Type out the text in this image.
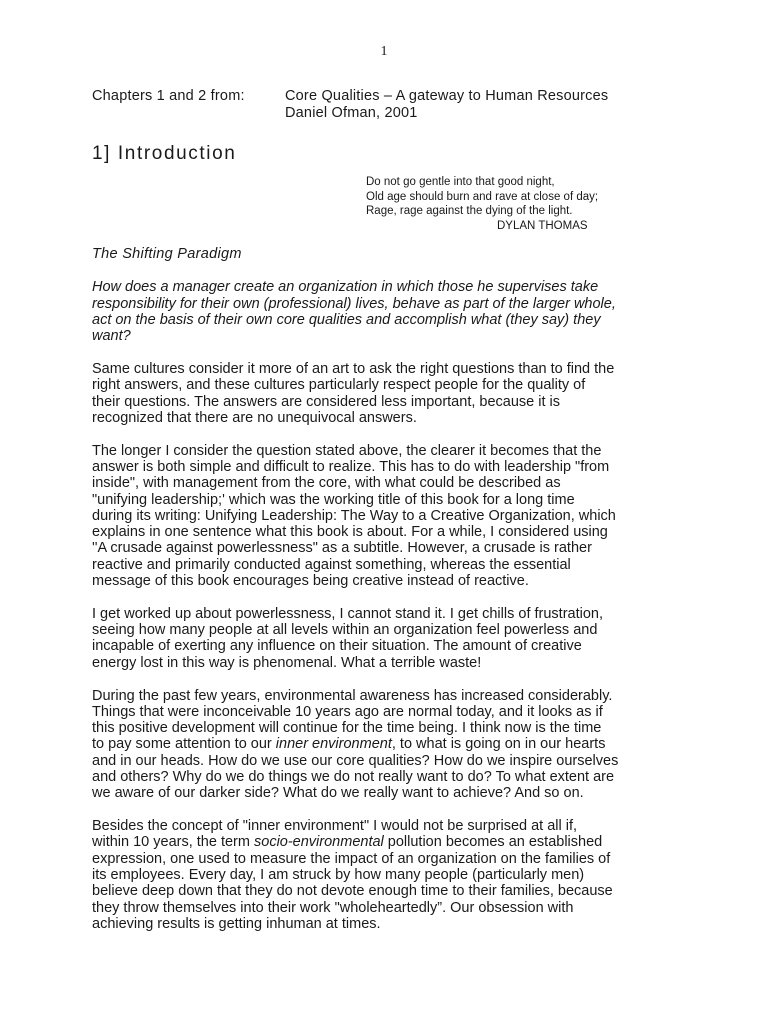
1
Chapters 1 and 2 from:	Core Qualities – A gateway to Human Resources
Daniel Ofman, 2001
1] Introduction
Do not go gentle into that good night,
Old age should burn and rave at close of day;
Rage, rage against the dying of the light.
DYLAN THOMAS

The Shifting Paradigm

How does a manager create an organization in which those he supervises take
responsibility for their own (professional) lives, behave as part of the larger whole,
act on the basis of their own core qualities and accomplish what (they say) they
want?

Same cultures consider it more of an art to ask the right questions than to find the
right answers, and these cultures particularly respect people for the quality of
their questions. The answers are considered less important, because it is
recognized that there are no unequivocal answers.

The longer I consider the question stated above, the clearer it becomes that the
answer is both simple and difficult to realize. This has to do with leadership "from
inside", with management from the core, with what could be described as
"unifying leadership;' which was the working title of this book for a long time
during its writing: Unifying Leadership: The Way to a Creative Organization, which
explains in one sentence what this book is about. For a while, I considered using
''A crusade against powerlessness" as a subtitle. However, a crusade is rather
reactive and primarily conducted against something, whereas the essential
message of this book encourages being creative instead of reactive.

I get worked up about powerlessness, I cannot stand it. I get chills of frustration,
seeing how many people at all levels within an organization feel powerless and
incapable of exerting any influence on their situation. The amount of creative
energy lost in this way is phenomenal. What a terrible waste!

During the past few years, environmental awareness has increased considerably.
Things that were inconceivable 10 years ago are normal today, and it looks as if
this positive development will continue for the time being. I think now is the time
to pay some attention to our inner environment, to what is going on in our hearts
and in our heads. How do we use our core qualities? How do we inspire ourselves
and others? Why do we do things we do not really want to do? To what extent are
we aware of our darker side? What do we really want to achieve? And so on.

Besides the concept of "inner environment" I would not be surprised at all if,
within 10 years, the term socio-environmental pollution becomes an established
expression, one used to measure the impact of an organization on the families of
its employees. Every day, I am struck by how many people (particularly men)
believe deep down that they do not devote enough time to their families, because
they throw themselves into their work "wholeheartedly”. Our obsession with
achieving results is getting inhuman at times.
